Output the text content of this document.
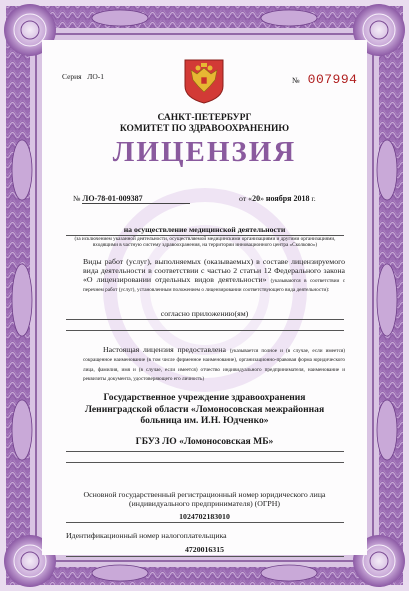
Серия ЛО-1	№ 007994
САНКТ-ПЕТЕРБУРГ
КОМИТЕТ ПО ЗДРАВООХРАНЕНИЮ
ЛИЦЕНЗИЯ
№ ЛО-78-01-009387	от «20» ноября 2018 г.
на осуществление медицинской деятельности
(за исключением указанной деятельности, осуществляемой медицинскими организациями и другими организациями, входящими в частную систему здравоохранения, на территории инновационного центра «Сколково»)
Виды работ (услуг), выполняемых (оказываемых) в составе лицензируемого вида деятельности в соответствии с частью 2 статьи 12 Федерального закона «О лицензировании отдельных видов деятельности» (указываются в соответствии с перечнем работ (услуг), установленным положением о лицензировании соответствующего вида деятельности):
согласно приложению(ям)
Настоящая лицензия предоставлена (указывается полное и (в случае, если имеется) сокращенное наименование (в том числе фирменное наименование), организационно-правовая форма юридического лица, фамилия, имя и (в случае, если имеется) отчество индивидуального предпринимателя, наименование и реквизиты документа, удостоверяющего его личность)
Государственное учреждение здравоохранения
Ленинградской области «Ломоносовская межрайонная
больница им. И.Н. Юдченко»
ГБУЗ ЛО «Ломоносовская МБ»
Основной государственный регистрационный номер юридического лица
(индивидуального предпринимателя) (ОГРН)
1024702183010
Идентификационный номер налогоплательщика
4720016315
